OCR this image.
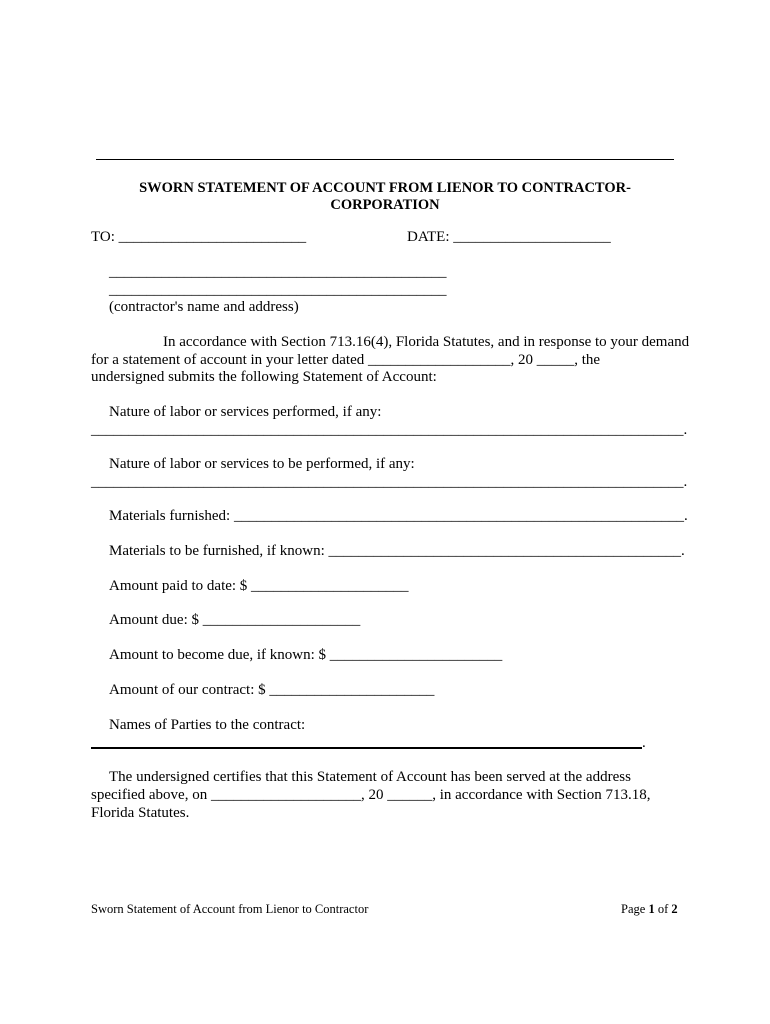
SWORN STATEMENT OF ACCOUNT FROM LIENOR TO CONTRACTOR-
CORPORATION
TO: _________________________	DATE: _____________________
_____________________________________________
_____________________________________________
(contractor's name and address)
In accordance with Section 713.16(4), Florida Statutes, and in response to your demand
for a statement of account in your letter dated ___________________, 20 _____, the
undersigned submits the following Statement of Account:
Nature of labor or services performed, if any:
_______________________________________________________________________________.
Nature of labor or services to be performed, if any:
_______________________________________________________________________________.
Materials furnished: ____________________________________________________________.
Materials to be furnished, if known: _______________________________________________.
Amount paid to date: $ _____________________
Amount due: $ _____________________
Amount to become due, if known: $ _______________________
Amount of our contract: $ ______________________
Names of Parties to the contract:
.
The undersigned certifies that this Statement of Account has been served at the address
specified above, on ____________________, 20 ______, in accordance with Section 713.18,
Florida Statutes.
Sworn Statement of Account from Lienor to Contractor	Page 1 of 2
